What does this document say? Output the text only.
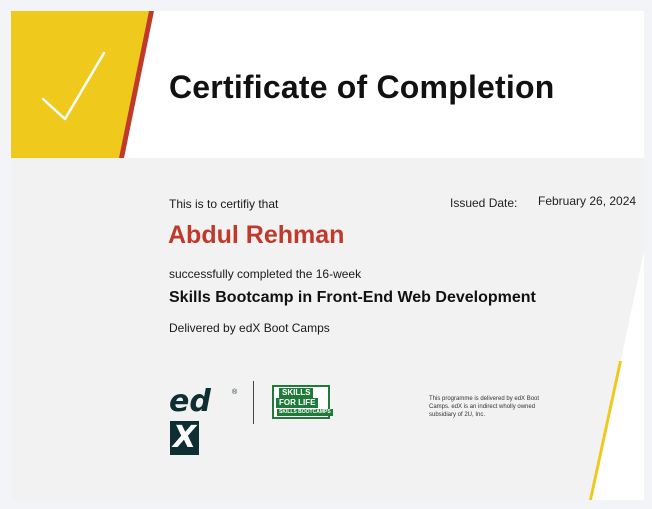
Certificate of Completion
This is to certifiy that	Issued Date: February 26, 2024
Abdul Rehman
successfully completed the 16-week
Skills Bootcamp in Front-End Web Development
Delivered by edX Boot Camps
edX
®	SKILLS
FOR LIFE
SKILLS BOOTCAMPS
This programme is delivered by edX Boot Camps. edX is an indirect wholly owned subsidiary of 2U, Inc.
